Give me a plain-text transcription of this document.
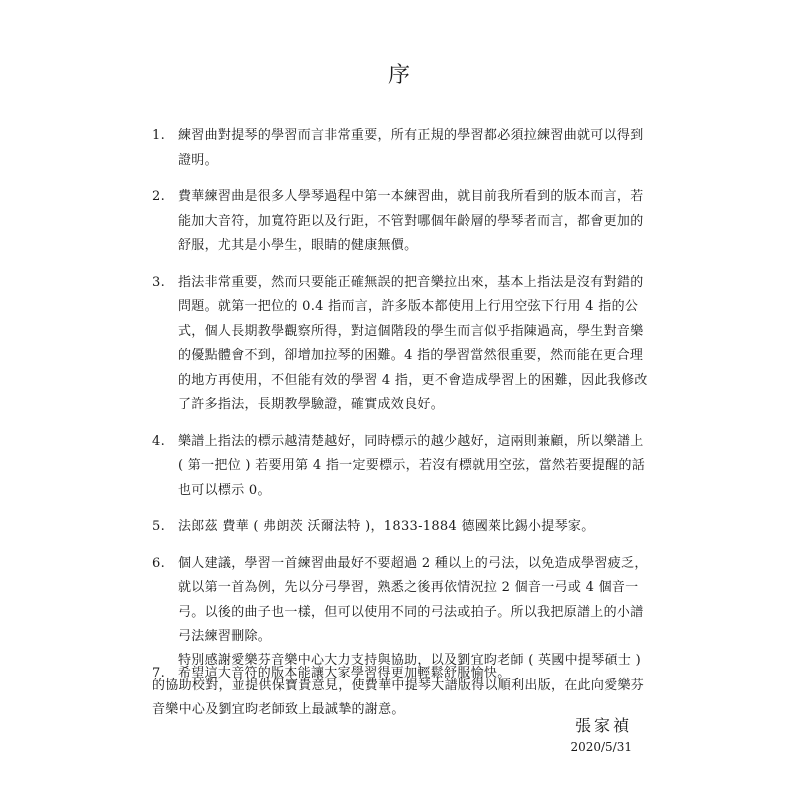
序
1. 練習曲對提琴的學習而言非常重要，所有正規的學習都必須拉練習曲就可以得到證明。
2. 費華練習曲是很多人學琴過程中第一本練習曲，就目前我所看到的版本而言，若能加大音符，加寬符距以及行距，不管對哪個年齡層的學琴者而言，都會更加的舒服，尤其是小學生，眼睛的健康無價。
3. 指法非常重要，然而只要能正確無誤的把音樂拉出來，基本上指法是沒有對錯的問題。就第一把位的 0.4 指而言，許多版本都使用上行用空弦下行用 4 指的公式，個人長期教學觀察所得，對這個階段的學生而言似乎指陳過高，學生對音樂的優點體會不到，卻增加拉琴的困難。4 指的學習當然很重要，然而能在更合理的地方再使用，不但能有效的學習 4 指，更不會造成學習上的困難，因此我修改了許多指法，長期教學驗證，確實成效良好。
4. 樂譜上指法的標示越清楚越好，同時標示的越少越好，這兩則兼顧，所以樂譜上 ( 第一把位 ) 若要用第 4 指一定要標示，若沒有標就用空弦，當然若要提醒的話也可以標示 0。
5. 法郎茲 費華 ( 弗朗茨 沃爾法特 )，1833-1884 德國萊比錫小提琴家。
6. 個人建議，學習一首練習曲最好不要超過 2 種以上的弓法，以免造成學習疲乏，就以第一首為例，先以分弓學習，熟悉之後再依情況拉 2 個音一弓或 4 個音一弓。以後的曲子也一樣，但可以使用不同的弓法或拍子。所以我把原譜上的小譜弓法練習刪除。
7. 希望這大音符的版本能讓大家學習得更加輕鬆舒服愉快。

特別感謝愛樂芬音樂中心大力支持與協助，以及劉宜昀老師 ( 英國中提琴碩士 ) 的協助校對，並提供保寶貴意見，使費華中提琴大譜版得以順利出版，在此向愛樂芬音樂中心及劉宜昀老師致上最誠摯的謝意。

張家禎
2020/5/31
